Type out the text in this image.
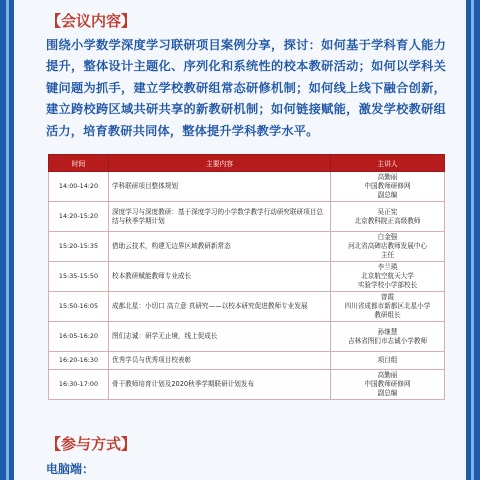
【会议内容】
围绕小学数学深度学习联研项目案例分享，探讨：如何基于学科育人能力提升，整体设计主题化、序列化和系统性的校本教研活动；如何以学科关键问题为抓手，建立学校教研组常态研修机制；如何线上线下融合创新，建立跨校跨区域共研共享的新教研机制；如何链接赋能，激发学校教研组活力，培育教研共同体，整体提升学科教学水平。
时间	主要内容	主讲人
14:00-14:20	学科联研项目整体规划	高勤丽
中国教师研修网
副总编

14:20-15:20	深度学习与深度教研：基于深度学习的小学数学教学行动研究联研项目总结与秋季学期计划	吴正宪
北京教科院正高级教师

15:20-15:35	借助云技术，构建无边界区域教研新常态	白金强
河北省高碑店教师发展中心
主任

15:35-15:50	校本教研赋能教师专业成长	李兰瑛
北京航空航天大学
实验学校小学部校长

15:50-16:05	成都北星：小切口 高立意 真研究——以校本研究促进教师专业发展	曾霞
四川省成都市新都区北星小学
教研组长

16:05-16:20	图们志诚：研学无止境，线上促成长	孙继慧
吉林省图们市志诚小学教师

16:20-16:30	优秀学员与优秀项目校表彰	项目组

16:30-17:00	骨干教师培育计划及2020秋季学期联研计划发布	高勤丽
中国教师研修网
副总编
【参与方式】
电脑端：
